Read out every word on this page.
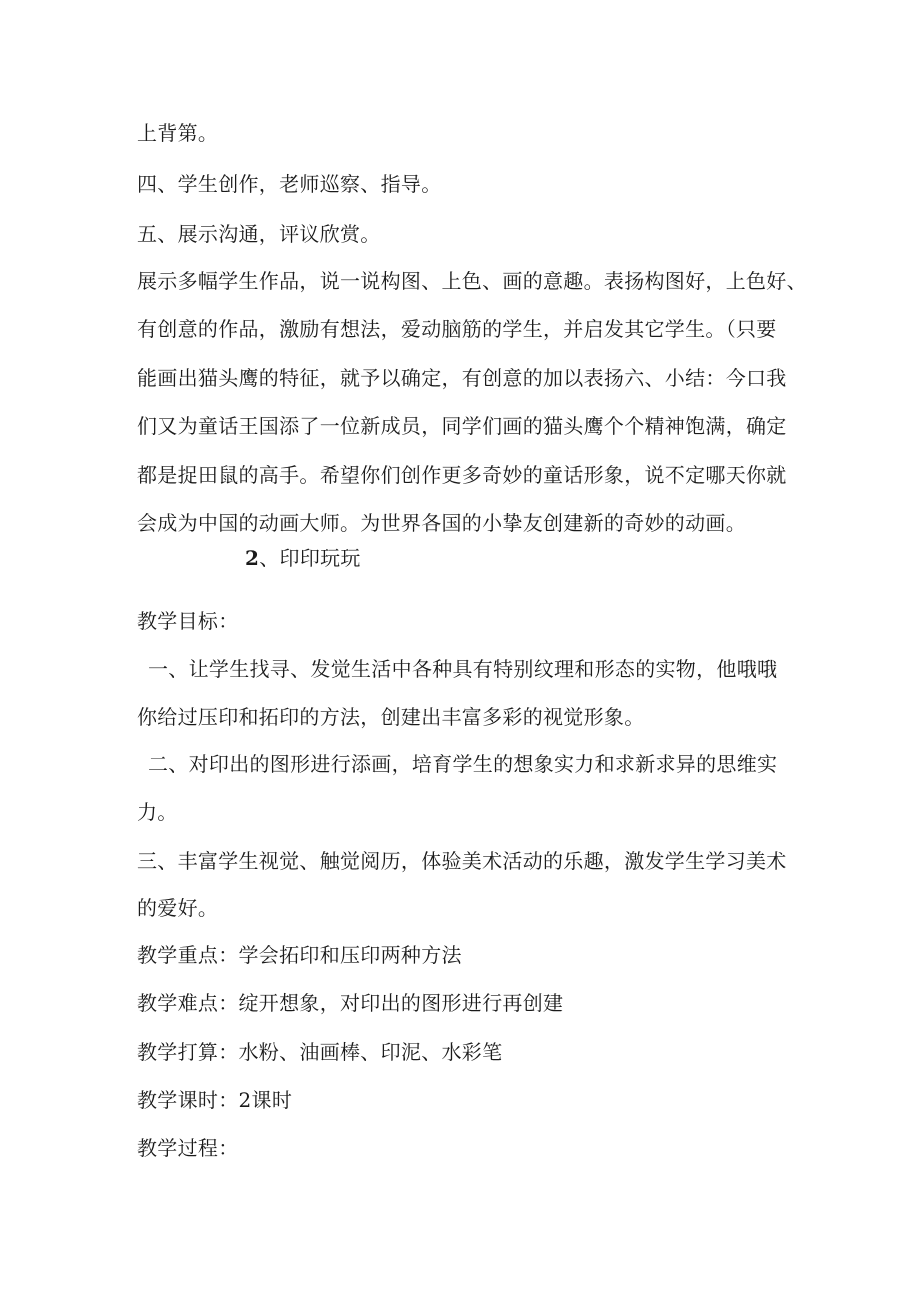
上背第。
四、学生创作，老师巡察、指导。
五、展示沟通，评议欣赏。
展示多幅学生作品，说一说构图、上色、画的意趣。表扬构图好，上色好、
有创意的作品，激励有想法，爱动脑筋的学生，并启发其它学生。（只要
能画出猫头鹰的特征，就予以确定，有创意的加以表扬六、小结：今口我
们又为童话王国添了一位新成员，同学们画的猫头鹰个个精神饱满，确定
都是捉田鼠的高手。希望你们创作更多奇妙的童话形象，说不定哪天你就
会成为中国的动画大师。为世界各国的小挚友创建新的奇妙的动画。
2、印印玩玩
教学目标：
一、让学生找寻、发觉生活中各种具有特别纹理和形态的实物，他哦哦
你给过压印和拓印的方法，创建出丰富多彩的视觉形象。
二、对印出的图形进行添画，培育学生的想象实力和求新求异的思维实
力。
三、丰富学生视觉、触觉阅历，体验美术活动的乐趣，激发学生学习美术
的爱好。
教学重点：学会拓印和压印两种方法
教学难点：绽开想象，对印出的图形进行再创建
教学打算：水粉、油画棒、印泥、水彩笔
教学课时：2课时
教学过程：
